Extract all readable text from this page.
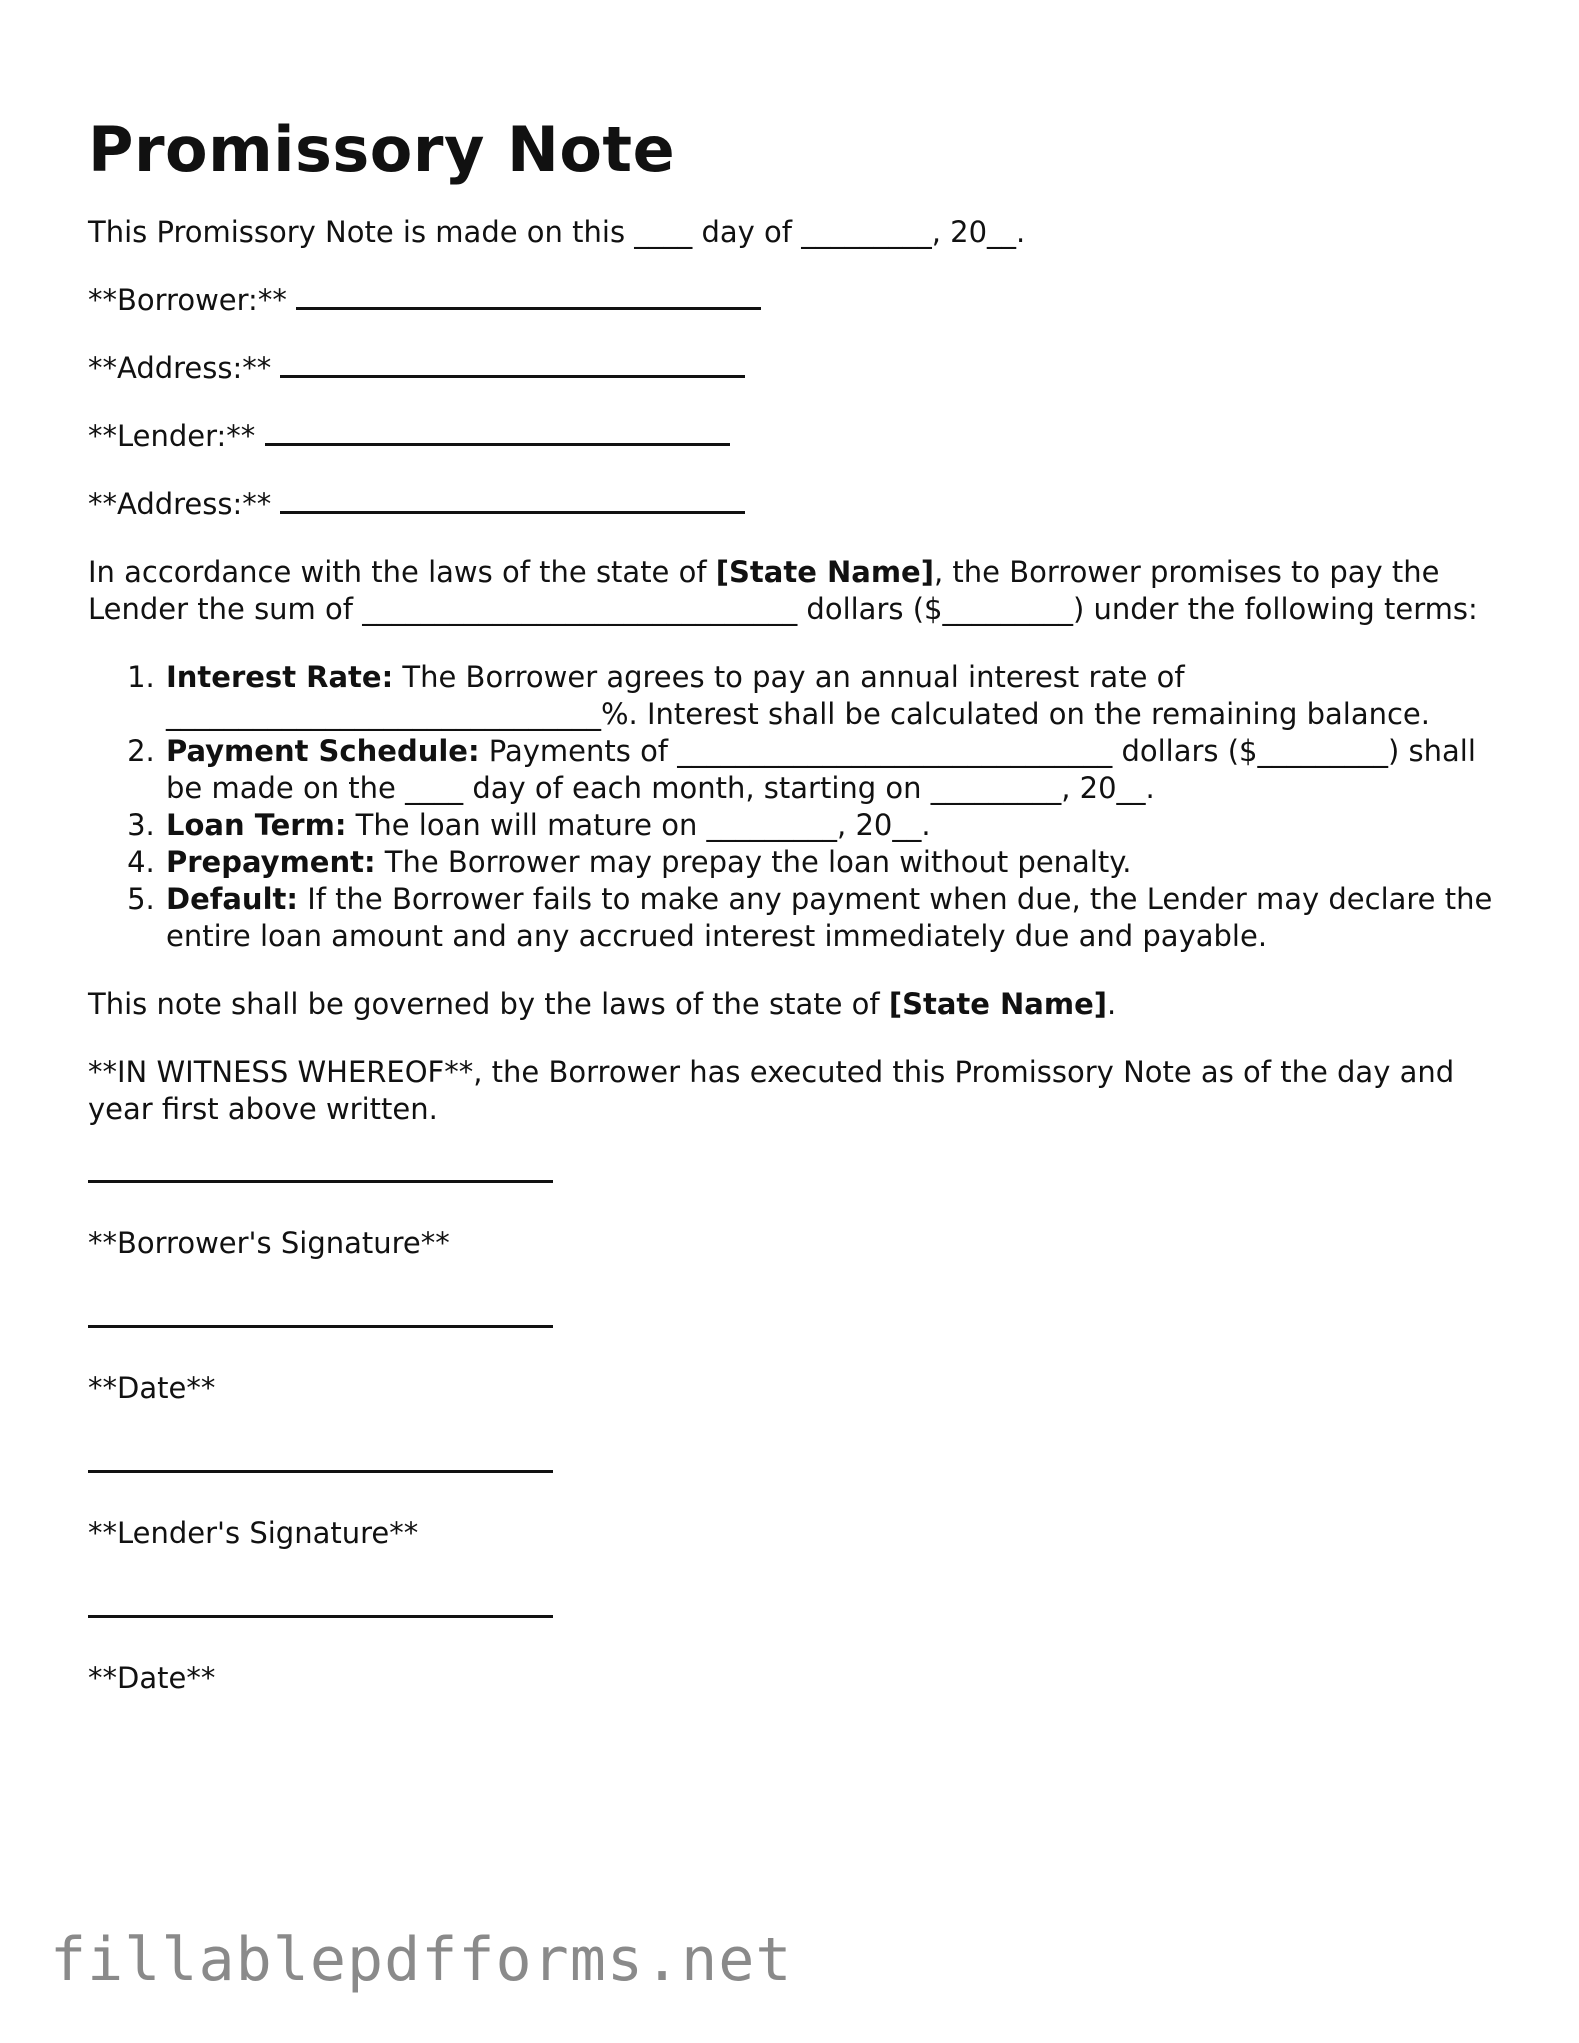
Promissory Note

This Promissory Note is made on this ____ day of _________, 20__.

**Borrower:**
**Address:**
**Lender:**
**Address:**

In accordance with the laws of the state of [State Name], the Borrower promises to pay the Lender the sum of ______________________________ dollars ($_________) under the following terms:

1. Interest Rate: The Borrower agrees to pay an annual interest rate of ______________________________%. Interest shall be calculated on the remaining balance.
2. Payment Schedule: Payments of ______________________________ dollars ($_________) shall be made on the ____ day of each month, starting on _________, 20__.
3. Loan Term: The loan will mature on _________, 20__.
4. Prepayment: The Borrower may prepay the loan without penalty.
5. Default: If the Borrower fails to make any payment when due, the Lender may declare the entire loan amount and any accrued interest immediately due and payable.

This note shall be governed by the laws of the state of [State Name].

**IN WITNESS WHEREOF**, the Borrower has executed this Promissory Note as of the day and year first above written.

**Borrower's Signature**
**Date**
**Lender's Signature**
**Date**
fillablepdfforms.net
